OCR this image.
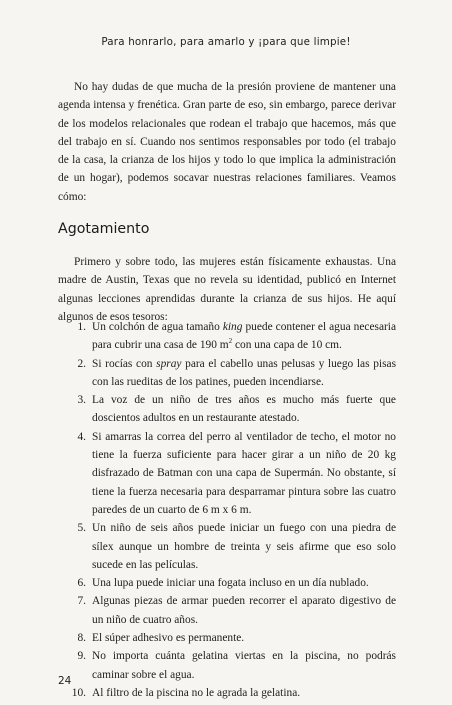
Para honrarlo, para amarlo y ¡para que limpie!

No hay dudas de que mucha de la presión proviene de mantener una agenda intensa y frenética. Gran parte de eso, sin embargo, parece derivar de los modelos relacionales que rodean el trabajo que hacemos, más que del trabajo en sí. Cuando nos sentimos responsables por todo (el trabajo de la casa, la crianza de los hijos y todo lo que implica la administración de un hogar), podemos socavar nuestras relaciones familiares. Veamos cómo:

Agotamiento

Primero y sobre todo, las mujeres están físicamente exhaustas. Una madre de Austin, Texas que no revela su identidad, publicó en Internet algunas lecciones aprendidas durante la crianza de sus hijos. He aquí algunos de esos tesoros:

1. Un colchón de agua tamaño king puede contener el agua necesaria para cubrir una casa de 190 $m^2$ con una capa de 10 cm.
2. Si rocías con spray para el cabello unas pelusas y luego las pisas con las rueditas de los patines, pueden incendiarse.
3. La voz de un niño de tres años es mucho más fuerte que doscientos adultos en un restaurante atestado.
4. Si amarras la correa del perro al ventilador de techo, el motor no tiene la fuerza suficiente para hacer girar a un niño de 20 kg disfrazado de Batman con una capa de Supermán. No obstante, sí tiene la fuerza necesaria para desparramar pintura sobre las cuatro paredes de un cuarto de 6 m x 6 m.
5. Un niño de seis años puede iniciar un fuego con una piedra de sílex aunque un hombre de treinta y seis afirme que eso solo sucede en las películas.
6. Una lupa puede iniciar una fogata incluso en un día nublado.
7. Algunas piezas de armar pueden recorrer el aparato digestivo de un niño de cuatro años.
8. El súper adhesivo es permanente.
9. No importa cuánta gelatina viertas en la piscina, no podrás caminar sobre el agua.
10. Al filtro de la piscina no le agrada la gelatina.
24
